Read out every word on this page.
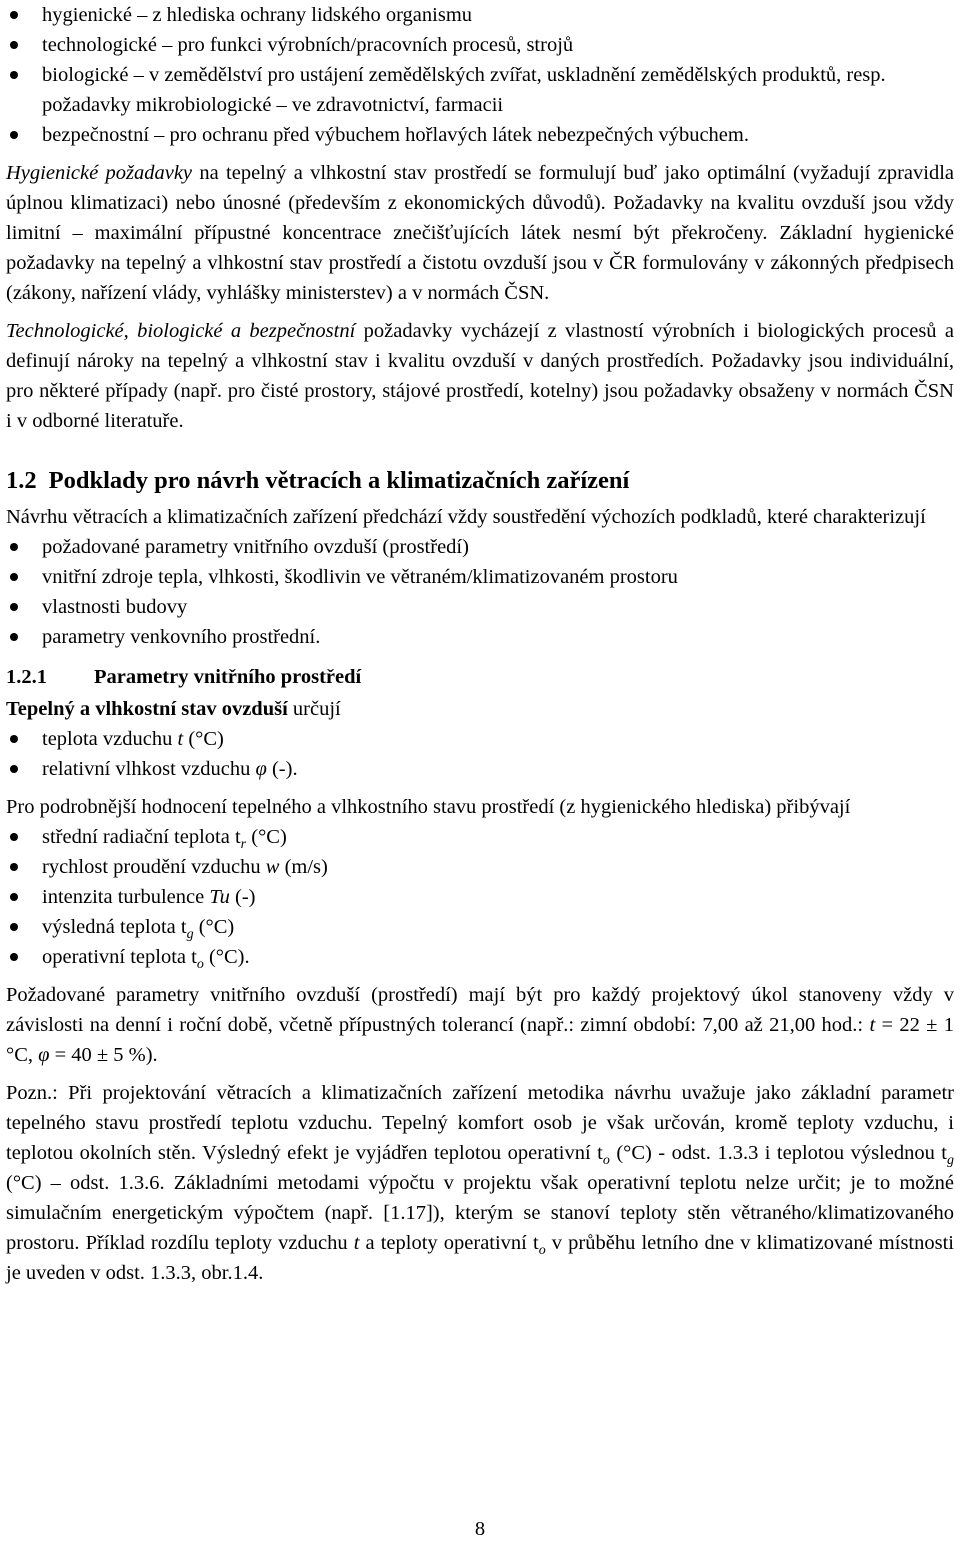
hygienické – z hlediska ochrany lidského organismu
technologické – pro funkci výrobních/pracovních procesů, strojů
biologické – v zemědělství pro ustájení zemědělských zvířat, uskladnění zemědělských produktů, resp. požadavky mikrobiologické – ve zdravotnictví, farmacii
bezpečnostní – pro ochranu před výbuchem hořlavých látek nebezpečných výbuchem.

Hygienické požadavky na tepelný a vlhkostní stav prostředí se formulují buď jako optimální (vyžadují zpravidla úplnou klimatizaci) nebo únosné (především z ekonomických důvodů). Požadavky na kvalitu ovzduší jsou vždy limitní – maximální přípustné koncentrace znečišťujících látek nesmí být překročeny. Základní hygienické požadavky na tepelný a vlhkostní stav prostředí a čistotu ovzduší jsou v ČR formulovány v zákonných předpisech (zákony, nařízení vlády, vyhlášky ministerstev) a v normách ČSN.

Technologické, biologické a bezpečnostní požadavky vycházejí z vlastností výrobních i biologických procesů a definují nároky na tepelný a vlhkostní stav i kvalitu ovzduší v daných prostředích. Požadavky jsou individuální, pro některé případy (např. pro čisté prostory, stájové prostředí, kotelny) jsou požadavky obsaženy v normách ČSN i v odborné literatuře.

1.2 Podklady pro návrh větracích a klimatizačních zařízení

Návrhu větracích a klimatizačních zařízení předchází vždy soustředění výchozích podkladů, které charakterizují

požadované parametry vnitřního ovzduší (prostředí)
vnitřní zdroje tepla, vlhkosti, škodlivin ve větraném/klimatizovaném prostoru
vlastnosti budovy
parametry venkovního prostřední.
1.2.1 Parametry vnitřního prostředí

Tepelný a vlhkostní stav ovzduší určují

teplota vzduchu t (°C)
relativní vlhkost vzduchu φ (-).

Pro podrobnější hodnocení tepelného a vlhkostního stavu prostředí (z hygienického hlediska) přibývají

střední radiační teplota $t_r$ (°C)
rychlost proudění vzduchu w (m/s)
intenzita turbulence Tu (-)
výsledná teplota $t_g$ (°C)
operativní teplota $t_o$ (°C).

Požadované parametry vnitřního ovzduší (prostředí) mají být pro každý projektový úkol stanoveny vždy v závislosti na denní i roční době, včetně přípustných tolerancí (např.: zimní období: 7,00 až 21,00 hod.: t = 22 ± 1 °C, φ = 40 ± 5 %).

Pozn.: Při projektování větracích a klimatizačních zařízení metodika návrhu uvažuje jako základní parametr tepelného stavu prostředí teplotu vzduchu. Tepelný komfort osob je však určován, kromě teploty vzduchu, i teplotou okolních stěn. Výsledný efekt je vyjádřen teplotou operativní $t_o$ (°C) - odst. 1.3.3 i teplotou výslednou $t_g$ (°C) – odst. 1.3.6. Základními metodami výpočtu v projektu však operativní teplotu nelze určit; je to možné simulačním energetickým výpočtem (např. [1.17]), kterým se stanoví teploty stěn větraného/klimatizovaného prostoru. Příklad rozdílu teploty vzduchu t a teploty operativní $t_o$ v průběhu letního dne v klimatizované místnosti je uveden v odst. 1.3.3, obr.1.4.

8
